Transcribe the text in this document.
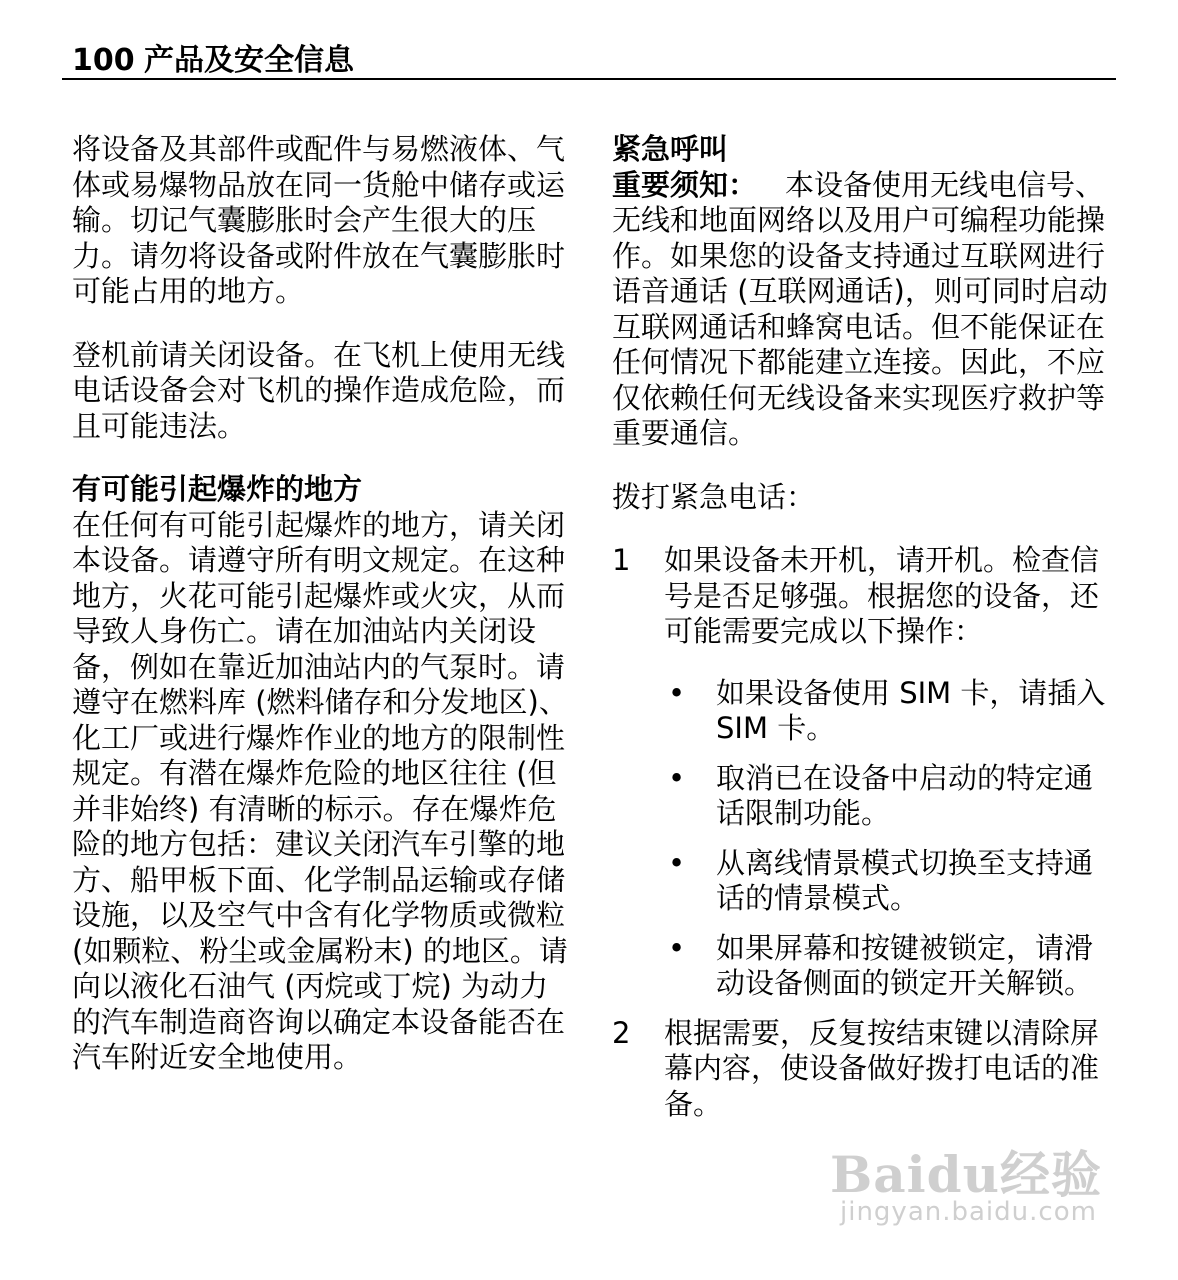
100 产品及安全信息

将设备及其部件或配件与易燃液体、气体或易爆物品放在同一货舱中储存或运输。切记气囊膨胀时会产生很大的压力。请勿将设备或附件放在气囊膨胀时可能占用的地方。

登机前请关闭设备。在飞机上使用无线电话设备会对飞机的操作造成危险，而且可能违法。

有可能引起爆炸的地方

在任何有可能引起爆炸的地方，请关闭本设备。请遵守所有明文规定。在这种地方，火花可能引起爆炸或火灾，从而导致人身伤亡。请在加油站内关闭设备，例如在靠近加油站内的气泵时。请遵守在燃料库 (燃料储存和分发地区)、化工厂或进行爆炸作业的地方的限制性规定。有潜在爆炸危险的地区往往 (但并非始终) 有清晰的标示。存在爆炸危险的地方包括：建议关闭汽车引擎的地方、船甲板下面、化学制品运输或存储设施，以及空气中含有化学物质或微粒 (如颗粒、粉尘或金属粉末) 的地区。请向以液化石油气 (丙烷或丁烷) 为动力的汽车制造商咨询以确定本设备能否在汽车附近安全地使用。

紧急呼叫

重要须知： 本设备使用无线电信号、无线和地面网络以及用户可编程功能操作。如果您的设备支持通过互联网进行语音通话 (互联网通话)，则可同时启动互联网通话和蜂窝电话。但不能保证在任何情况下都能建立连接。因此，不应仅依赖任何无线设备来实现医疗救护等重要通信。

拨打紧急电话：

1 如果设备未开机，请开机。检查信号是否足够强。根据您的设备，还可能需要完成以下操作：
• 如果设备使用 SIM 卡，请插入 SIM 卡。
• 取消已在设备中启动的特定通话限制功能。
• 从离线情景模式切换至支持通话的情景模式。
• 如果屏幕和按键被锁定，请滑动设备侧面的锁定开关解锁。
2 根据需要，反复按结束键以清除屏幕内容，使设备做好拨打电话的准备。
Baidu经验
jingyan.baidu.com
